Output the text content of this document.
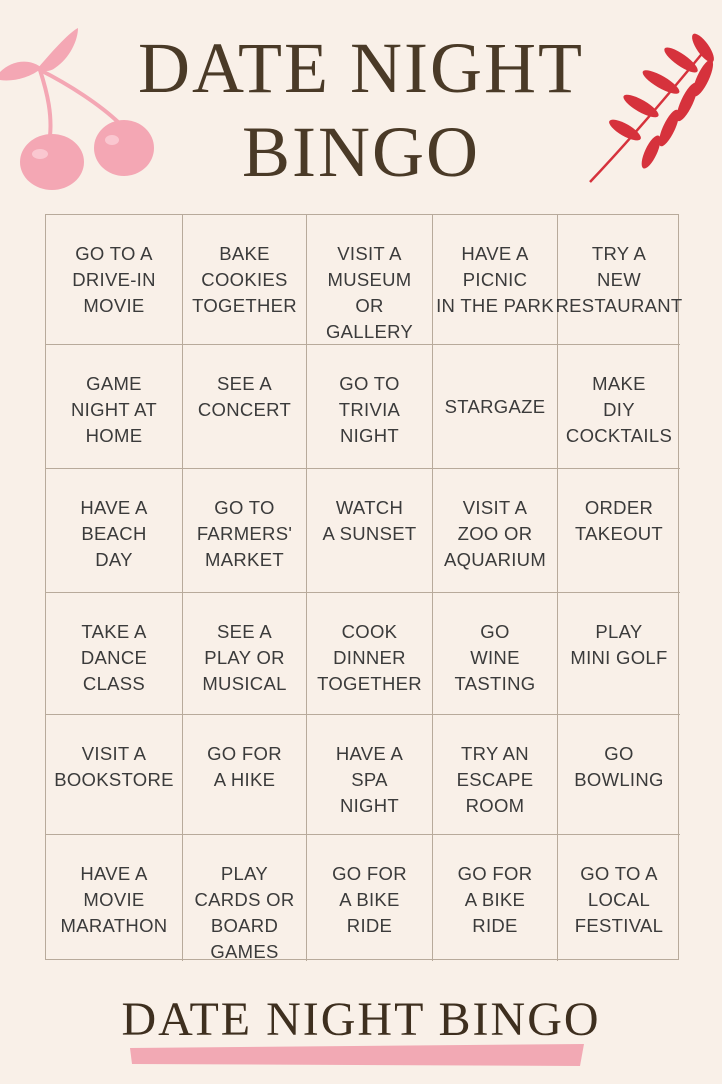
DATE NIGHT
BINGO
GO TO A
DRIVE-IN
MOVIE
BAKE
COOKIES
TOGETHER
VISIT A
MUSEUM
OR
GALLERY
HAVE A
PICNIC
IN THE PARK
TRY A
NEW
RESTAURANT
GAME
NIGHT AT
HOME
SEE A
CONCERT
GO TO
TRIVIA
NIGHT
STARGAZE
MAKE
DIY
COCKTAILS
HAVE A
BEACH
DAY
GO TO
FARMERS'
MARKET
WATCH
A SUNSET
VISIT A
ZOO OR
AQUARIUM
ORDER
TAKEOUT
TAKE A
DANCE
CLASS
SEE A
PLAY OR
MUSICAL
COOK
DINNER
TOGETHER
GO
WINE
TASTING
PLAY
MINI GOLF
VISIT A
BOOKSTORE
GO FOR
A HIKE
HAVE A
SPA
NIGHT
TRY AN
ESCAPE
ROOM
GO
BOWLING
HAVE A
MOVIE
MARATHON
PLAY
CARDS OR
BOARD
GAMES
GO FOR
A BIKE
RIDE
GO FOR
A BIKE
RIDE
GO TO A
LOCAL
FESTIVAL
DATE NIGHT BINGO
